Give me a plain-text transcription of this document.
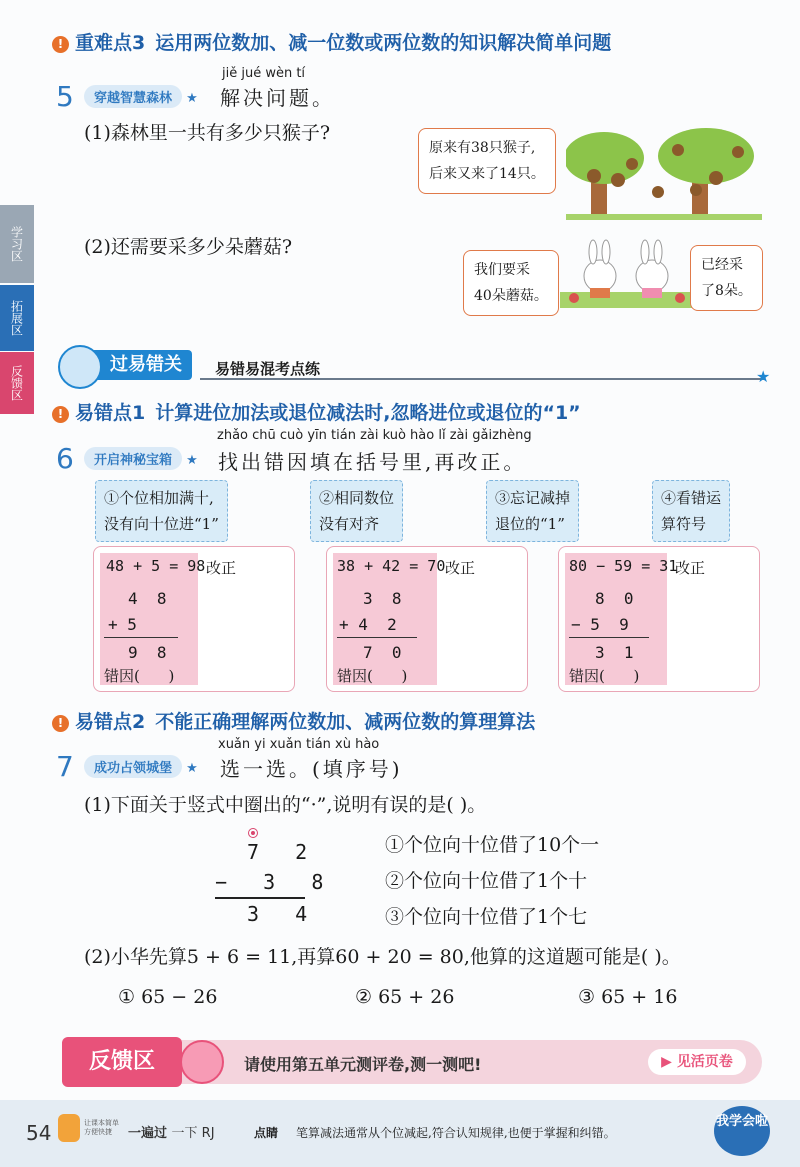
! 重难点3 运用两位数加、减一位数或两位数的知识解决简单问题
5	穿越智慧森林 ★
jiě jué wèn tí
解决问题。
(1)森林里一共有多少只猴子?
原来有38只猴子,
后来又来了14只。
(2)还需要采多少朵蘑菇?
我们要采
40朵蘑菇。
已经采
了8朵。
学习区
拓展区
反馈区
过易错关	易错易混考点练	★
! 易错点1 计算进位加法或退位减法时,忽略进位或退位的“1”
6	开启神秘宝箱 ★
zhǎo chū cuò yīn tián zài kuò hào lǐ zài gǎizhèng
找出错因填在括号里,再改正。
①个位相加满十,
没有向十位进“1”
②相同数位
没有对齐
③忘记减掉
退位的“1”
④看错运
算符号
48 + 5 = 98 改正
4  8
+ 5
9  8
错因(      )
38 + 42 = 70 改正
3  8
+ 4  2
7  0
错因(      )
80 − 59 = 31
改正
8  0
− 5  9
3  1
错因(      )
! 易错点2 不能正确理解两位数加、减两位数的算理算法
7	成功占领城堡 ★
xuǎn yi xuǎn tián xù hào
选一选。(填序号)
(1)下面关于竖式中圈出的“·”,说明有误的是( )。
7   2
−   3   8
3   4
①个位向十位借了10个一
②个位向十位借了1个十
③个位向十位借了1个七
(2)小华先算5 + 6 = 11,再算60 + 20 = 80,他算的这道题可能是( )。
① 65 − 26	② 65 + 26	③ 65 + 16
反馈区	请使用第五单元测评卷,测一测吧!	▶ 见活页卷
54	让课本简单
方便快捷	一遍过 一下 RJ	点睛 笔算减法通常从个位减起,符合认知规律,也便于掌握和纠错。
我学会啦
